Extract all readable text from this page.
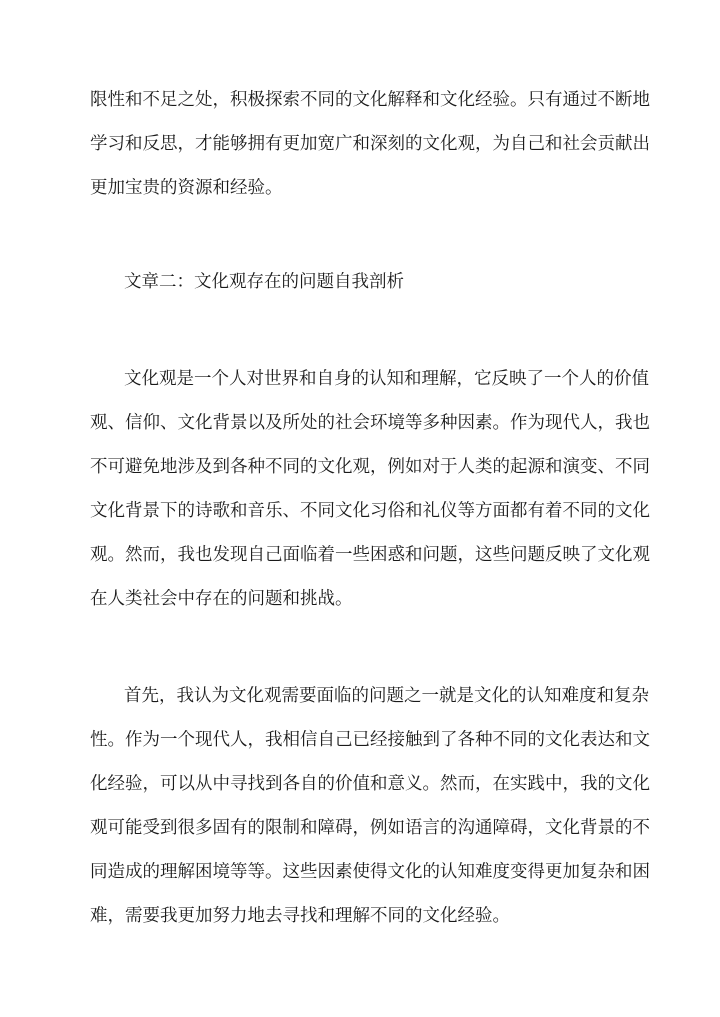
限性和不足之处，积极探索不同的文化解释和文化经验。只有通过不断地
学习和反思，才能够拥有更加宽广和深刻的文化观，为自己和社会贡献出
更加宝贵的资源和经验。
文章二：文化观存在的问题自我剖析
文化观是一个人对世界和自身的认知和理解，它反映了一个人的价值
观、信仰、文化背景以及所处的社会环境等多种因素。作为现代人，我也
不可避免地涉及到各种不同的文化观，例如对于人类的起源和演变、不同
文化背景下的诗歌和音乐、不同文化习俗和礼仪等方面都有着不同的文化
观。然而，我也发现自己面临着一些困惑和问题，这些问题反映了文化观
在人类社会中存在的问题和挑战。
首先，我认为文化观需要面临的问题之一就是文化的认知难度和复杂
性。作为一个现代人，我相信自己已经接触到了各种不同的文化表达和文
化经验，可以从中寻找到各自的价值和意义。然而，在实践中，我的文化
观可能受到很多固有的限制和障碍，例如语言的沟通障碍，文化背景的不
同造成的理解困境等等。这些因素使得文化的认知难度变得更加复杂和困
难，需要我更加努力地去寻找和理解不同的文化经验。
